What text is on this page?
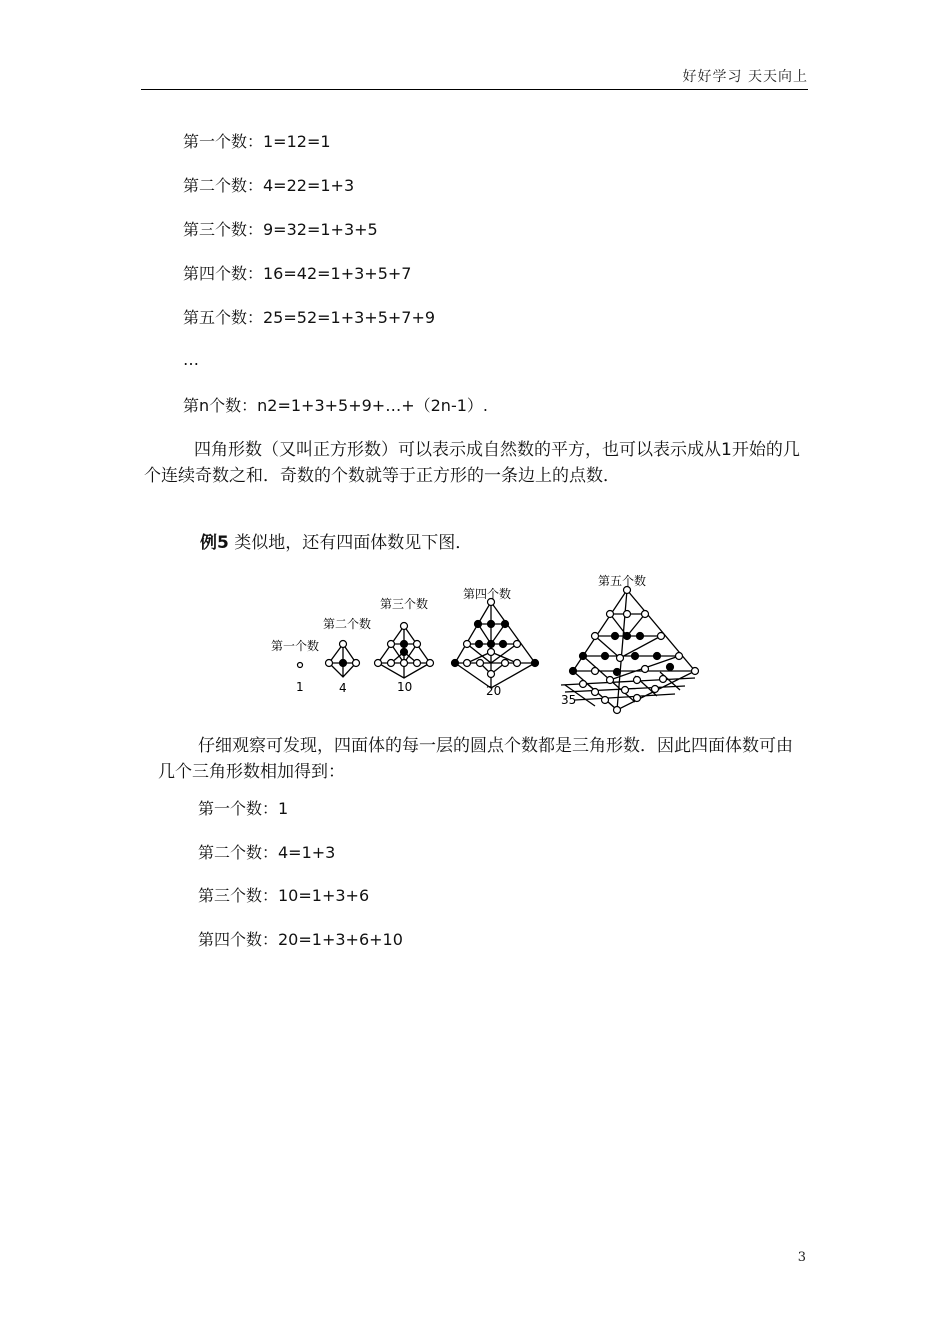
好好学习 天天向上
第一个数：1=12=1
第二个数：4=22=1+3
第三个数：9=32=1+3+5
第四个数：16=42=1+3+5+7
第五个数：25=52=1+3+5+7+9
…
第n个数：n2=1+3+5+9+…+（2n-1）.
四角形数（又叫正方形数）可以表示成自然数的平方，也可以表示成从1开始的几个连续奇数之和．奇数的个数就等于正方形的一条边上的点数．
例5 类似地，还有四面体数见下图．
第一个数
第二个数
第三个数
第四个数
第五个数
1	4	10	20
35
仔细观察可发现，四面体的每一层的圆点个数都是三角形数．因此四面体数可由几个三角形数相加得到：
第一个数：1
第二个数：4=1+3
第三个数：10=1+3+6
第四个数：20=1+3+6+10
3
